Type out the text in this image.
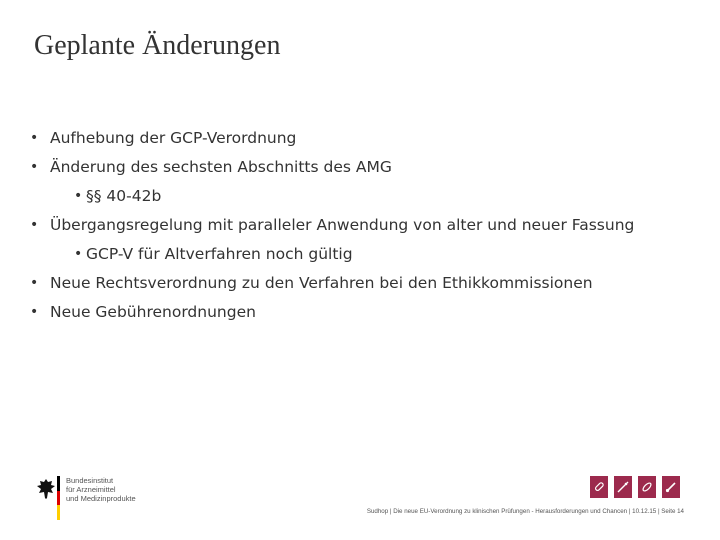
Geplante Änderungen
• Aufhebung der GCP-Verordnung
• Änderung des sechsten Abschnitts des AMG
• §§ 40-42b
• Übergangsregelung mit paralleler Anwendung von alter und neuer Fassung
• GCP-V für Altverfahren noch gültig
• Neue Rechtsverordnung zu den Verfahren bei den Ethikkommissionen
• Neue Gebührenordnungen
Bundesinstitut
für Arzneimittel
und Medizinprodukte
Sudhop | Die neue EU-Verordnung zu klinischen Prüfungen - Herausforderungen und Chancen | 10.12.15 | Seite 14
